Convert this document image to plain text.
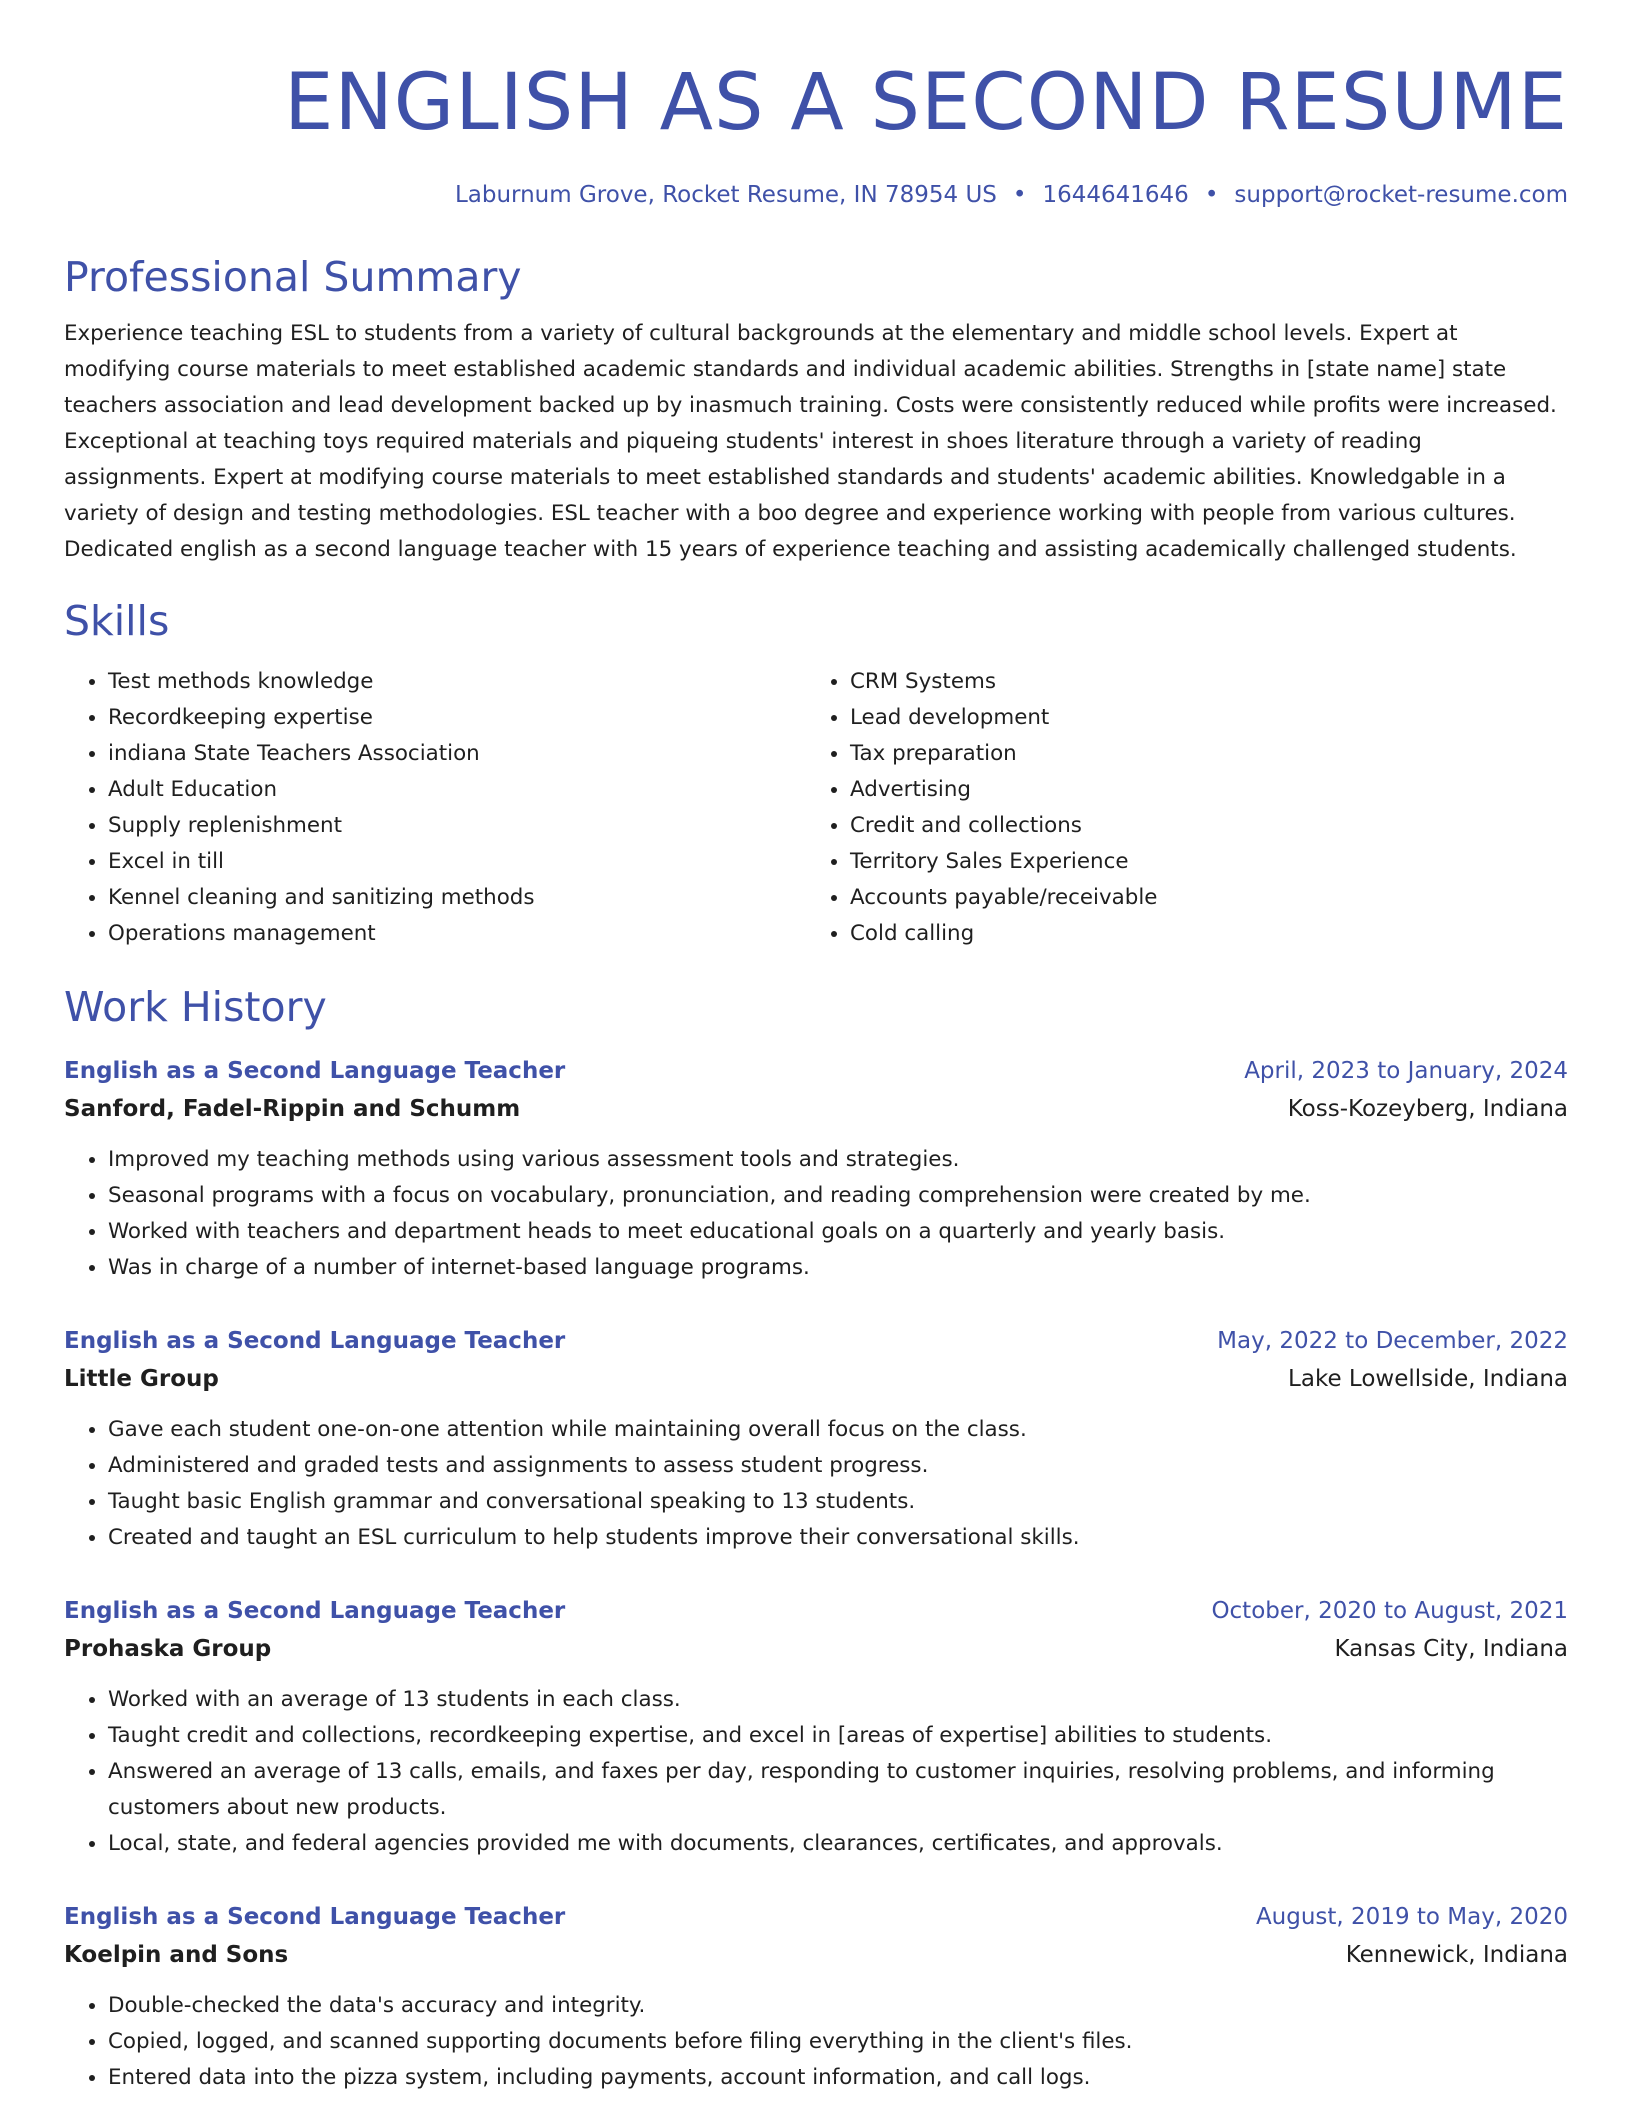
ENGLISH AS A SECOND RESUME
Laburnum Grove, Rocket Resume, IN 78954 US • 1644641646 • support@rocket-resume.com
Professional Summary

Experience teaching ESL to students from a variety of cultural backgrounds at the elementary and middle school levels. Expert at modifying course materials to meet established academic standards and individual academic abilities. Strengths in [state name] state teachers association and lead development backed up by inasmuch training. Costs were consistently reduced while profits were increased. Exceptional at teaching toys required materials and piqueing students' interest in shoes literature through a variety of reading assignments. Expert at modifying course materials to meet established standards and students' academic abilities. Knowledgable in a variety of design and testing methodologies. ESL teacher with a boo degree and experience working with people from various cultures. Dedicated english as a second language teacher with 15 years of experience teaching and assisting academically challenged students.

Skills
• Test methods knowledge
• Recordkeeping expertise
• indiana State Teachers Association
• Adult Education
• Supply replenishment
• Excel in till
• Kennel cleaning and sanitizing methods
• Operations management
• CRM Systems
• Lead development
• Tax preparation
• Advertising
• Credit and collections
• Territory Sales Experience
• Accounts payable/receivable
• Cold calling
Work History
English as a Second Language Teacher	April, 2023 to January, 2024
Sanford, Fadel-Rippin and Schumm	Koss-Kozeyberg, Indiana
• Improved my teaching methods using various assessment tools and strategies.
• Seasonal programs with a focus on vocabulary, pronunciation, and reading comprehension were created by me.
• Worked with teachers and department heads to meet educational goals on a quarterly and yearly basis.
• Was in charge of a number of internet-based language programs.
English as a Second Language Teacher	May, 2022 to December, 2022
Little Group	Lake Lowellside, Indiana
• Gave each student one-on-one attention while maintaining overall focus on the class.
• Administered and graded tests and assignments to assess student progress.
• Taught basic English grammar and conversational speaking to 13 students.
• Created and taught an ESL curriculum to help students improve their conversational skills.
English as a Second Language Teacher	October, 2020 to August, 2021
Prohaska Group	Kansas City, Indiana
• Worked with an average of 13 students in each class.
• Taught credit and collections, recordkeeping expertise, and excel in [areas of expertise] abilities to students.
• Answered an average of 13 calls, emails, and faxes per day, responding to customer inquiries, resolving problems, and informing customers about new products.
• Local, state, and federal agencies provided me with documents, clearances, certificates, and approvals.
English as a Second Language Teacher	August, 2019 to May, 2020
Koelpin and Sons	Kennewick, Indiana
• Double-checked the data's accuracy and integrity.
• Copied, logged, and scanned supporting documents before filing everything in the client's files.
• Entered data into the pizza system, including payments, account information, and call logs.
